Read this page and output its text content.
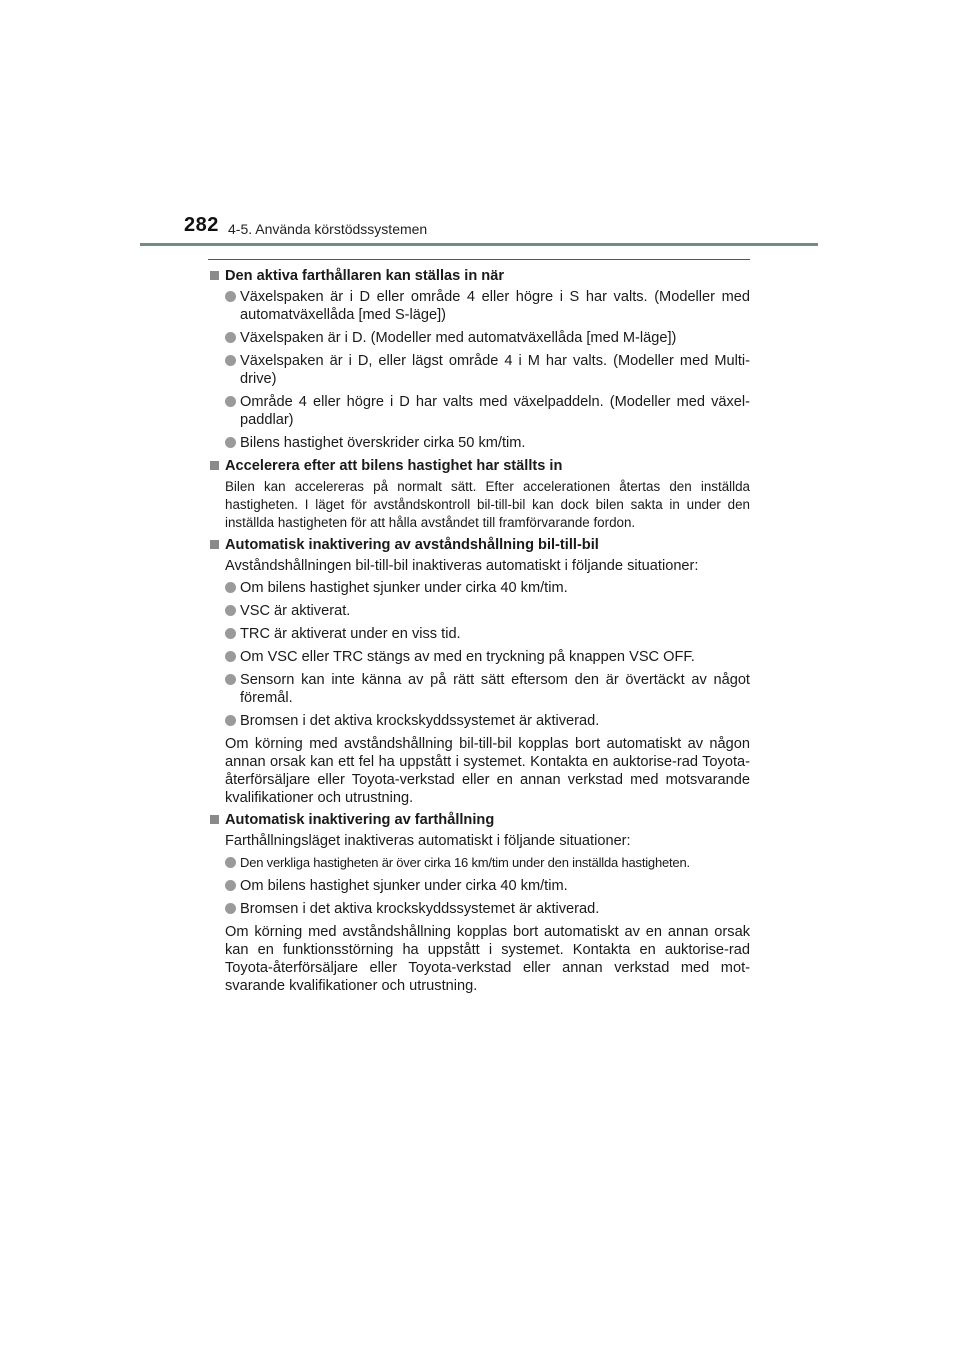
282 4-5. Använda körstödssystemen
Den aktiva farthållaren kan ställas in när
Växelspaken är i D eller område 4 eller högre i S har valts. (Modeller med automatväxellåda [med S-läge])
Växelspaken är i D. (Modeller med automatväxellåda [med M-läge])
Växelspaken är i D, eller lägst område 4 i M har valts. (Modeller med Multi-drive)
Område 4 eller högre i D har valts med växelpaddeln. (Modeller med växel-paddlar)
Bilens hastighet överskrider cirka 50 km/tim.
Accelerera efter att bilens hastighet har ställts in
Bilen kan accelereras på normalt sätt. Efter accelerationen återtas den inställda hastigheten. I läget för avståndskontroll bil-till-bil kan dock bilen sakta in under den inställda hastigheten för att hålla avståndet till framförvarande fordon.
Automatisk inaktivering av avståndshållning bil-till-bil
Avståndshållningen bil-till-bil inaktiveras automatiskt i följande situationer:
Om bilens hastighet sjunker under cirka 40 km/tim.
VSC är aktiverat.
TRC är aktiverat under en viss tid.
Om VSC eller TRC stängs av med en tryckning på knappen VSC OFF.
Sensorn kan inte känna av på rätt sätt eftersom den är övertäckt av något föremål.
Bromsen i det aktiva krockskyddssystemet är aktiverad.
Om körning med avståndshållning bil-till-bil kopplas bort automatiskt av någon annan orsak kan ett fel ha uppstått i systemet. Kontakta en auktorise-rad Toyota-återförsäljare eller Toyota-verkstad eller en annan verkstad med motsvarande kvalifikationer och utrustning.
Automatisk inaktivering av farthållning
Farthållningsläget inaktiveras automatiskt i följande situationer:
Den verkliga hastigheten är över cirka 16 km/tim under den inställda hastigheten.
Om bilens hastighet sjunker under cirka 40 km/tim.
Bromsen i det aktiva krockskyddssystemet är aktiverad.
Om körning med avståndshållning kopplas bort automatiskt av en annan orsak kan en funktionsstörning ha uppstått i systemet. Kontakta en auktorise-rad Toyota-återförsäljare eller Toyota-verkstad eller annan verkstad med mot-svarande kvalifikationer och utrustning.
